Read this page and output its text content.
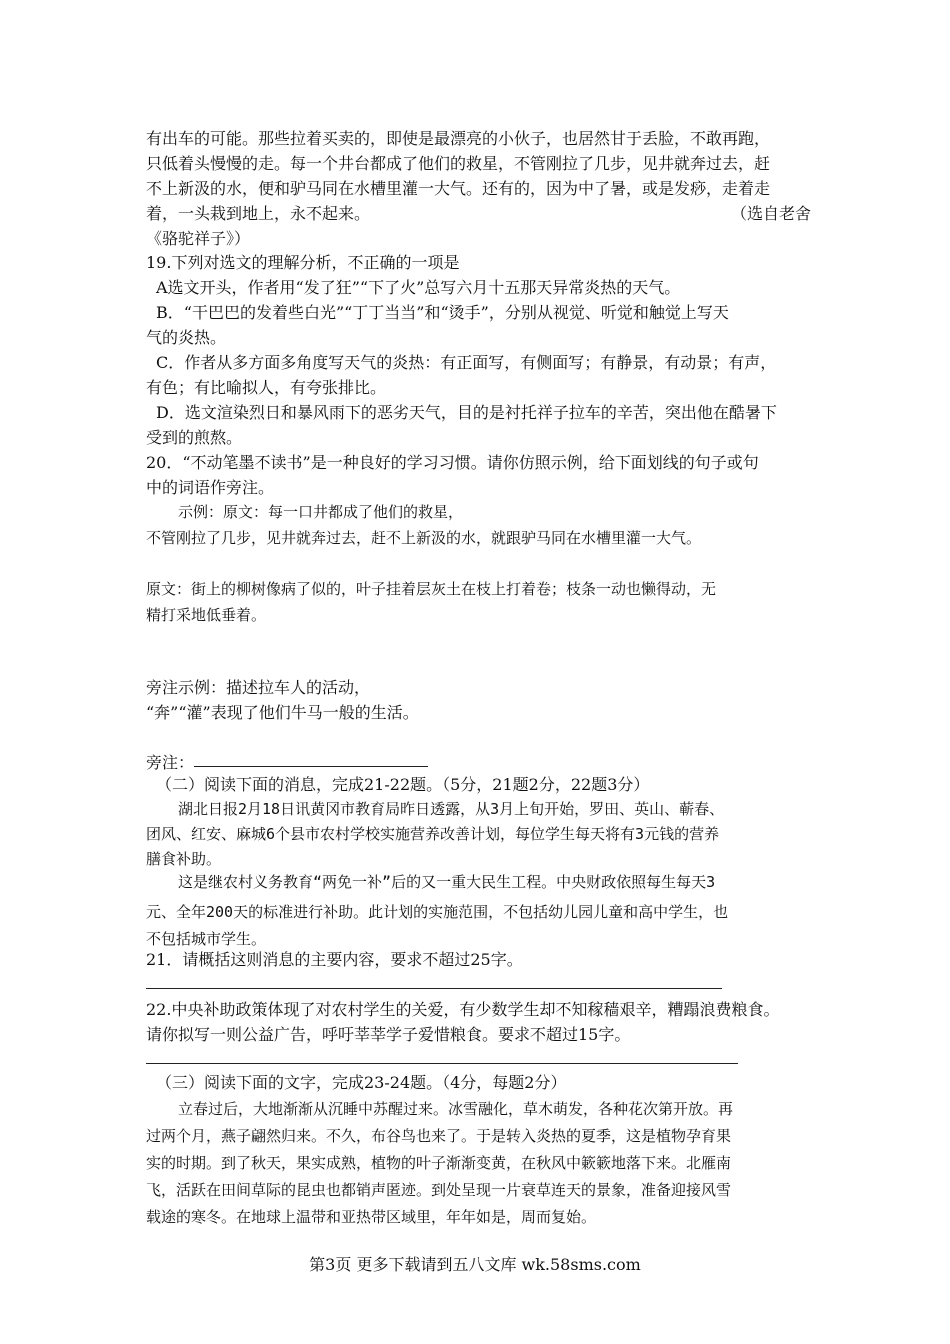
有出车的可能。那些拉着买卖的，即使是最漂亮的小伙子，也居然甘于丢脸，不敢再跑，
只低着头慢慢的走。每一个井台都成了他们的救星，不管刚拉了几步，见井就奔过去，赶
不上新汲的水，便和驴马同在水槽里灌一大气。还有的，因为中了暑，或是发痧，走着走
着，一头栽到地上，永不起来。	（选自老舍
《骆驼祥子》）
19.下列对选文的理解分析，不正确的一项是
A选文开头，作者用“发了狂”“下了火”总写六月十五那天异常炎热的天气。
B．“干巴巴的发着些白光”“丁丁当当”和“烫手”，分别从视觉、听觉和触觉上写天
气的炎热。
C．作者从多方面多角度写天气的炎热：有正面写，有侧面写；有静景，有动景；有声，
有色；有比喻拟人，有夸张排比。
D．选文渲染烈日和暴风雨下的恶劣天气，目的是衬托祥子拉车的辛苦，突出他在酷暑下
受到的煎熬。
20．“不动笔墨不读书”是一种良好的学习习惯。请你仿照示例，给下面划线的句子或句
中的词语作旁注。
示例：原文：每一口井都成了他们的救星，
不管刚拉了几步，见井就奔过去，赶不上新汲的水，就跟驴马同在水槽里灌一大气。
原文：街上的柳树像病了似的，叶子挂着层灰土在枝上打着卷；枝条一动也懒得动，无
精打采地低垂着。
旁注示例：描述拉车人的活动，
“奔”“灌”表现了他们牛马一般的生活。
旁注：
（二）阅读下面的消息，完成21-22题。（5分，21题2分，22题3分）
湖北日报2月18日讯黄冈市教育局昨日透露，从3月上旬开始，罗田、英山、蕲春、
团风、红安、麻城6个县市农村学校实施营养改善计划，每位学生每天将有3元钱的营养
膳食补助。
这是继农村义务教育“两免一补”后的又一重大民生工程。中央财政依照每生每天3
元、全年200天的标准进行补助。此计划的实施范围，不包括幼儿园儿童和高中学生，也
不包括城市学生。
21．请概括这则消息的主要内容，要求不超过25字。
22.中央补助政策体现了对农村学生的关爱，有少数学生却不知稼穑艰辛，糟蹋浪费粮食。
请你拟写一则公益广告，呼吁莘莘学子爱惜粮食。要求不超过15字。
（三）阅读下面的文字，完成23-24题。（4分，每题2分）
立春过后，大地渐渐从沉睡中苏醒过来。冰雪融化，草木萌发，各种花次第开放。再
过两个月，燕子翩然归来。不久，布谷鸟也来了。于是转入炎热的夏季，这是植物孕育果
实的时期。到了秋天，果实成熟，植物的叶子渐渐变黄，在秋风中簌簌地落下来。北雁南
飞，活跃在田间草际的昆虫也都销声匿迹。到处呈现一片衰草连天的景象，准备迎接风雪
载途的寒冬。在地球上温带和亚热带区域里，年年如是，周而复始。
第3页 更多下载请到五八文库 wk.58sms.com
